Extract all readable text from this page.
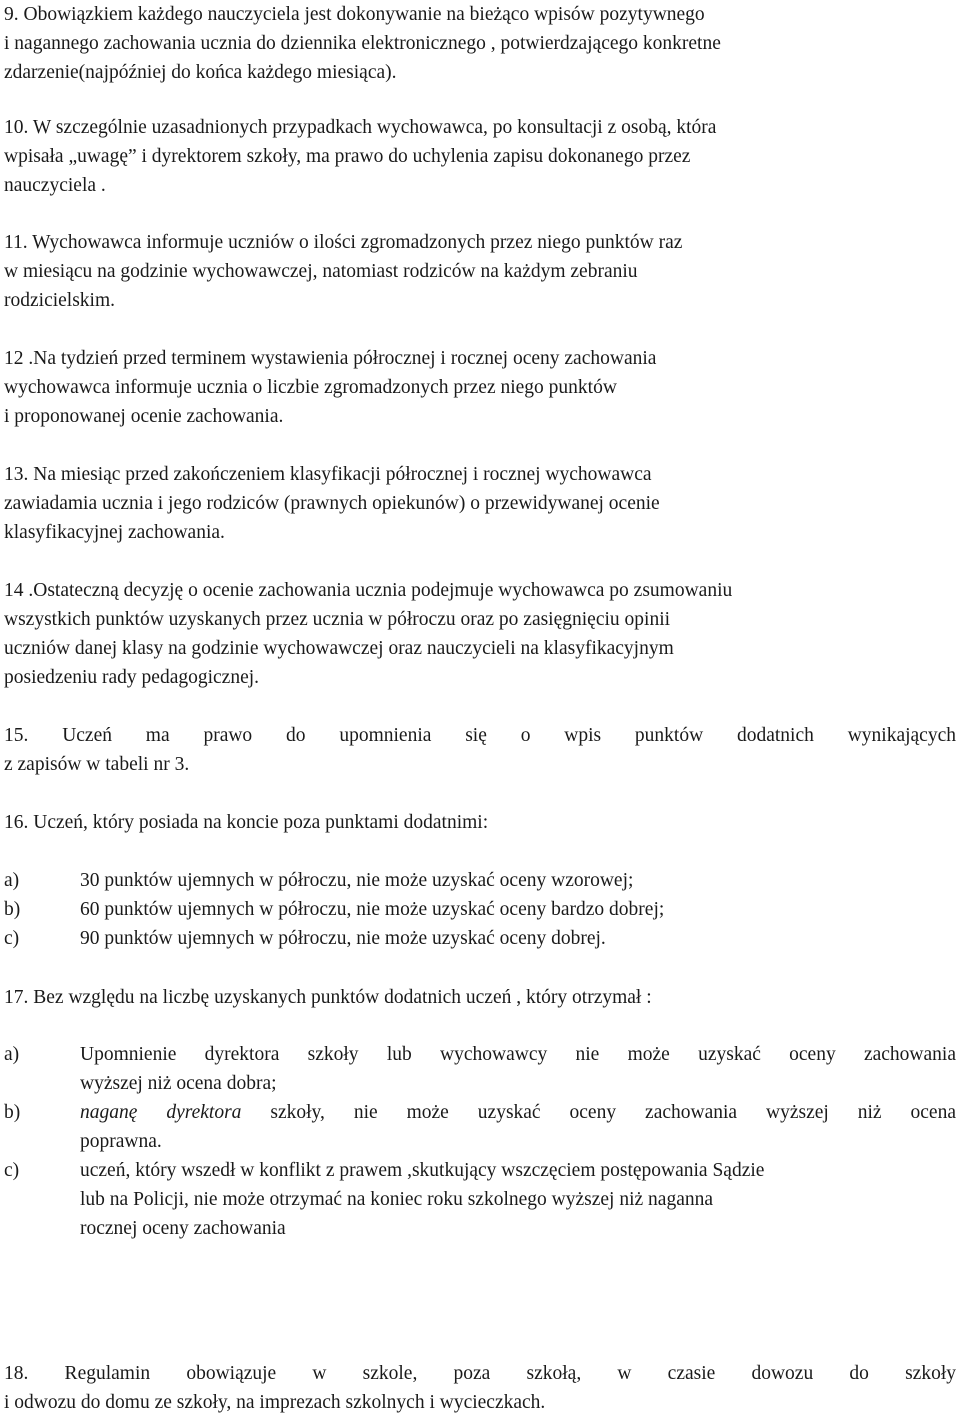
9. Obowiązkiem każdego nauczyciela jest dokonywanie na bieżąco wpisów pozytywnego
i nagannego zachowania ucznia do dziennika elektronicznego , potwierdzającego konkretne
zdarzenie(najpóźniej do końca każdego miesiąca).
10. W szczególnie uzasadnionych przypadkach wychowawca, po konsultacji z osobą, która
wpisała „uwagę” i dyrektorem szkoły, ma prawo do uchylenia zapisu dokonanego przez
nauczyciela .
11. Wychowawca informuje uczniów o ilości zgromadzonych przez niego punktów raz
w miesiącu na godzinie wychowawczej, natomiast rodziców na każdym zebraniu
rodzicielskim.
12 .Na tydzień przed terminem wystawienia półrocznej i rocznej oceny zachowania
wychowawca informuje ucznia o liczbie zgromadzonych przez niego punktów
i proponowanej ocenie zachowania.
13. Na miesiąc przed zakończeniem klasyfikacji półrocznej i rocznej wychowawca
zawiadamia ucznia i jego rodziców (prawnych opiekunów) o przewidywanej ocenie
klasyfikacyjnej zachowania.
14 .Ostateczną decyzję o ocenie zachowania ucznia podejmuje wychowawca po zsumowaniu
wszystkich punktów uzyskanych przez ucznia w półroczu oraz po zasięgnięciu opinii
uczniów danej klasy na godzinie wychowawczej oraz nauczycieli na klasyfikacyjnym
posiedzeniu rady pedagogicznej.
15. Uczeń ma prawo do upomnienia się o wpis punktów dodatnich wynikających
z zapisów w tabeli nr 3.
16. Uczeń, który posiada na koncie poza punktami dodatnimi:
a)	30 punktów ujemnych w półroczu, nie może uzyskać oceny wzorowej;
b)	60 punktów ujemnych w półroczu, nie może uzyskać oceny bardzo dobrej;
c)	90 punktów ujemnych w półroczu, nie może uzyskać oceny dobrej.
17. Bez względu na liczbę uzyskanych punktów dodatnich uczeń , który otrzymał :
a)	Upomnienie dyrektora szkoły lub wychowawcy nie może uzyskać oceny zachowania
wyższej niż ocena dobra;
b)	naganę dyrektora szkoły, nie może uzyskać oceny zachowania wyższej niż ocena
poprawna.
c)	uczeń, który wszedł w konflikt z prawem ,skutkujący wszczęciem postępowania Sądzie
lub na Policji, nie może otrzymać na koniec roku szkolnego wyższej niż naganna
rocznej oceny zachowania
18. Regulamin obowiązuje w szkole, poza szkołą, w czasie dowozu do szkoły
i odwozu do domu ze szkoły, na imprezach szkolnych i wycieczkach.
